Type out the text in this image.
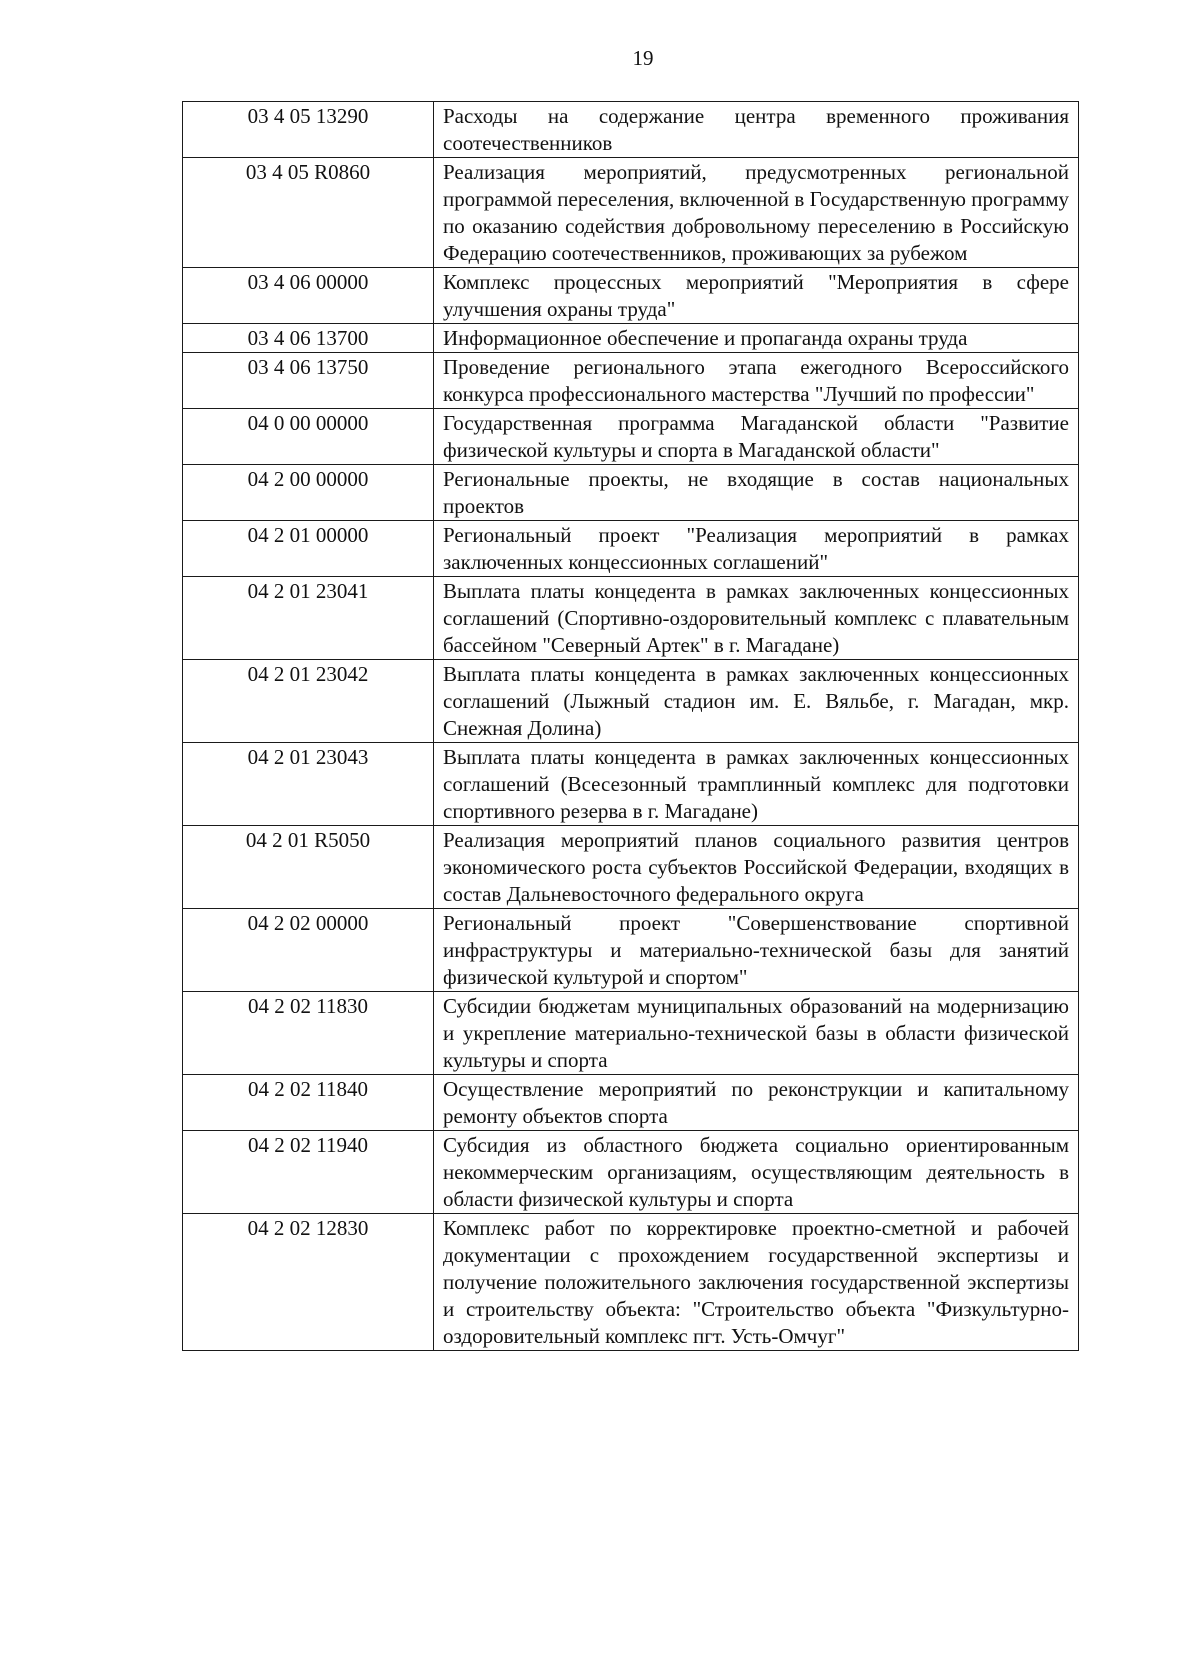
19
03 4 05 13290	Расходы на содержание центра временного проживания соотечественников
03 4 05 R0860	Реализация мероприятий, предусмотренных региональной программой переселения, включенной в Государственную программу по оказанию содействия добровольному переселению в Российскую Федерацию соотечественников, проживающих за рубежом
03 4 06 00000	Комплекс процессных мероприятий "Мероприятия в сфере улучшения охраны труда"
03 4 06 13700	Информационное обеспечение и пропаганда охраны труда
03 4 06 13750	Проведение регионального этапа ежегодного Всероссийского конкурса профессионального мастерства "Лучший по профессии"
04 0 00 00000	Государственная программа Магаданской области "Развитие физической культуры и спорта в Магаданской области"
04 2 00 00000	Региональные проекты, не входящие в состав национальных проектов
04 2 01 00000	Региональный проект "Реализация мероприятий в рамках заключенных концессионных соглашений"
04 2 01 23041	Выплата платы концедента в рамках заключенных концессионных соглашений (Спортивно-оздоровительный комплекс с плавательным бассейном "Северный Артек" в г. Магадане)
04 2 01 23042	Выплата платы концедента в рамках заключенных концессионных соглашений (Лыжный стадион им. Е. Вяльбе, г. Магадан, мкр. Снежная Долина)
04 2 01 23043	Выплата платы концедента в рамках заключенных концессионных соглашений (Всесезонный трамплинный комплекс для подготовки спортивного резерва в г. Магадане)
04 2 01 R5050	Реализация мероприятий планов социального развития центров экономического роста субъектов Российской Федерации, входящих в состав Дальневосточного федерального округа
04 2 02 00000	Региональный проект "Совершенствование спортивной инфраструктуры и материально-технической базы для занятий физической культурой и спортом"
04 2 02 11830	Субсидии бюджетам муниципальных образований на модернизацию и укрепление материально-технической базы в области физической культуры и спорта
04 2 02 11840	Осуществление мероприятий по реконструкции и капитальному ремонту объектов спорта
04 2 02 11940	Субсидия из областного бюджета социально ориентированным некоммерческим организациям, осуществляющим деятельность в области физической культуры и спорта
04 2 02 12830	Комплекс работ по корректировке проектно-сметной и рабочей документации с прохождением государственной экспертизы и получение положительного заключения государственной экспертизы и строительству объекта: "Строительство объекта "Физкультурно-оздоровительный комплекс пгт. Усть-Омчуг"
